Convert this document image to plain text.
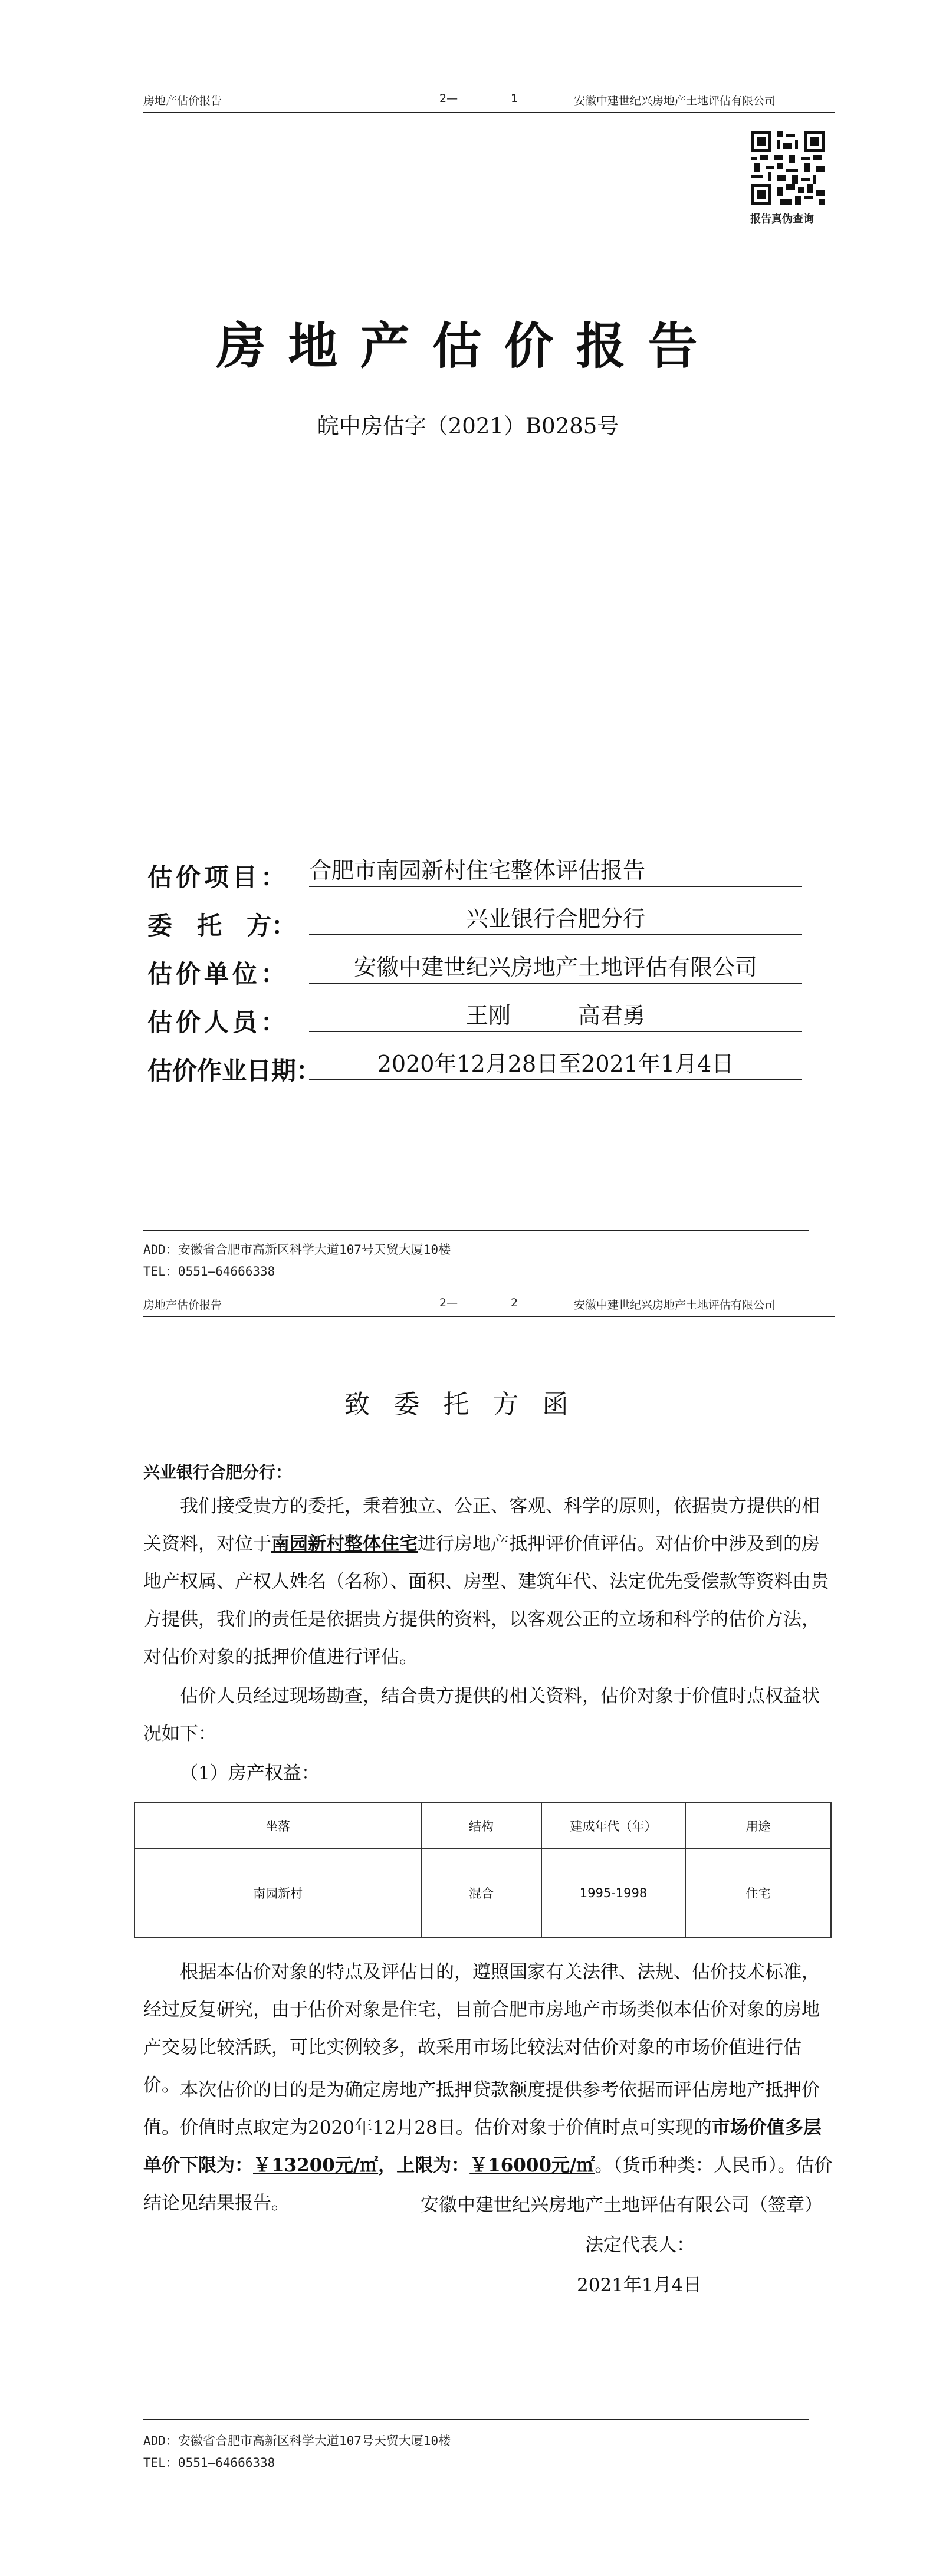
房地产估价报告	2—	1	安徽中建世纪兴房地产土地评估有限公司
报告真伪查询
房地产估价报告
皖中房估字（2021）B0285号
估价项目： 合肥市南园新村住宅整体评估报告
委　托　方：	兴业银行合肥分行
估价单位：	安徽中建世纪兴房地产土地评估有限公司
估价人员：	王刚　　　高君勇
估价作业日期：	2020年12月28日至2021年1月4日
ADD：安徽省合肥市高新区科学大道107号天贸大厦10楼
TEL：0551—64666338
房地产估价报告	2—	2	安徽中建世纪兴房地产土地评估有限公司
致委托方函
兴业银行合肥分行：
我们接受贵方的委托，秉着独立、公正、客观、科学的原则，依据贵方提供的相关资料，对位于南园新村整体住宅进行房地产抵押评价值评估。对估价中涉及到的房地产权属、产权人姓名（名称）、面积、房型、建筑年代、法定优先受偿款等资料由贵方提供，我们的责任是依据贵方提供的资料，以客观公正的立场和科学的估价方法，对估价对象的抵押价值进行评估。
估价人员经过现场勘查，结合贵方提供的相关资料，估价对象于价值时点权益状况如下：
（1）房产权益：
坐落	结构	建成年代（年）	用途
南园新村	混合	1995-1998	住宅
根据本估价对象的特点及评估目的，遵照国家有关法律、法规、估价技术标准，经过反复研究，由于估价对象是住宅，目前合肥市房地产市场类似本估价对象的房地产交易比较活跃，可比实例较多，故采用市场比较法对估价对象的市场价值进行估价。 本次估价的目的是为确定房地产抵押贷款额度提供参考依据而评估房地产抵押价值。价值时点取定为2020年12月28日。估价对象于价值时点可实现的市场价值多层单价下限为：￥13200元/㎡，上限为：￥16000元/㎡。（货币种类：人民币）。估价结论见结果报告。	安徽中建世纪兴房地产土地评估有限公司（签章）
法定代表人：
2021年1月4日
ADD：安徽省合肥市高新区科学大道107号天贸大厦10楼
TEL：0551—64666338
